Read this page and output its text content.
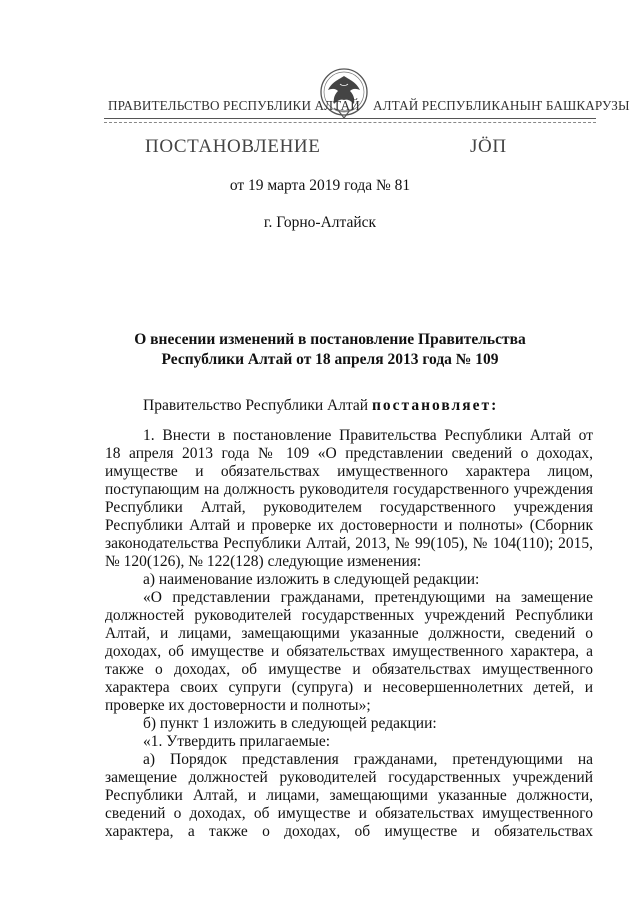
ПРАВИТЕЛЬСТВО РЕСПУБЛИКИ АЛТАЙ АЛТАЙ РЕСПУБЛИКАНЫҤ БАШКАРУЗЫ
ПОСТАНОВЛЕНИЕ	JӦП
от 19 марта 2019 года № 81
г. Горно-Алтайск
О внесении изменений в постановление Правительства
Республики Алтай от 18 апреля 2013 года № 109

Правительство Республики Алтай постановляет:

1. Внести в постановление Правительства Республики Алтай от

18 апреля 2013 года № 109 «О представлении сведений о доходах,

имуществе и обязательствах имущественного характера лицом,

поступающим на должность руководителя государственного учреждения

Республики Алтай, руководителем государственного учреждения

Республики Алтай и проверке их достоверности и полноты» (Сборник

законодательства Республики Алтай, 2013, № 99(105), № 104(110); 2015,

№ 120(126), № 122(128) следующие изменения:

а) наименование изложить в следующей редакции:

«О представлении гражданами, претендующими на замещение

должностей руководителей государственных учреждений Республики

Алтай, и лицами, замещающими указанные должности, сведений о

доходах, об имуществе и обязательствах имущественного характера, а

также о доходах, об имуществе и обязательствах имущественного

характера своих супруги (супруга) и несовершеннолетних детей, и

проверке их достоверности и полноты»;

б) пункт 1 изложить в следующей редакции:

«1. Утвердить прилагаемые:

а) Порядок представления гражданами, претендующими на

замещение должностей руководителей государственных учреждений

Республики Алтай, и лицами, замещающими указанные должности,

сведений о доходах, об имуществе и обязательствах имущественного

характера, а также о доходах, об имуществе и обязательствах
